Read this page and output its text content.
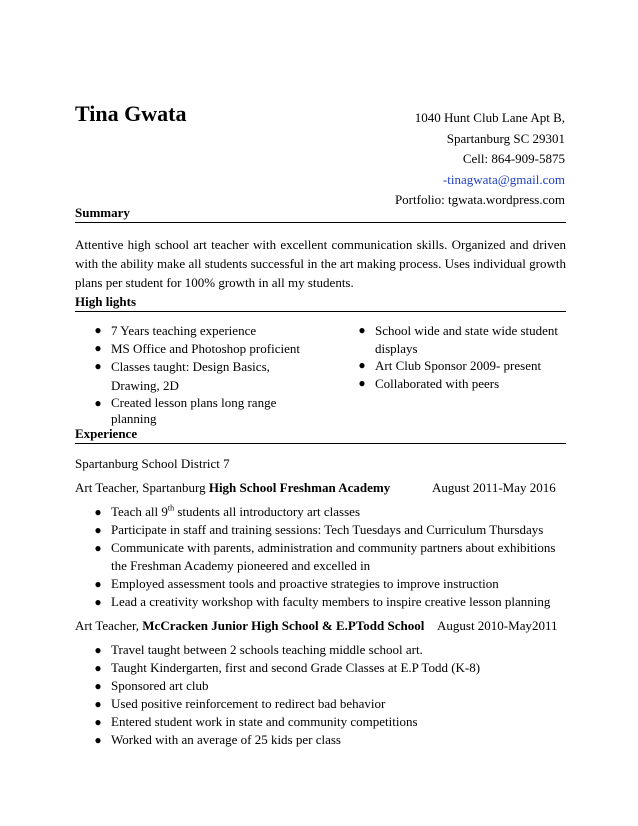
Tina Gwata	1040 Hunt Club Lane Apt B,
Spartanburg SC 29301
Cell: 864-909-5875
-tinagwata@gmail.com
Portfolio: tgwata.wordpress.com
Summary
Attentive high school art teacher with excellent communication skills. Organized and driven with the ability make all students successful in the art making process. Uses individual growth plans per student for 100% growth in all my students.
High lights
● 7 Years teaching experience
● MS Office and Photoshop proficient
● Classes taught: Design Basics, Drawing, 2D
● Created lesson plans long range planning
● School wide and state wide student displays
● Art Club Sponsor 2009- present
● Collaborated with peers
Experience
Spartanburg School District 7
Art Teacher, Spartanburg High School Freshman Academy	August 2011-May 2016
● Teach all 9th students all introductory art classes
● Participate in staff and training sessions: Tech Tuesdays and Curriculum Thursdays
● Communicate with parents, administration and community partners about exhibitions the Freshman Academy pioneered and excelled in
● Employed assessment tools and proactive strategies to improve instruction
● Lead a creativity workshop with faculty members to inspire creative lesson planning
Art Teacher, McCracken Junior High School & E.PTodd School August 2010-May2011
● Travel taught between 2 schools teaching middle school art.
● Taught Kindergarten, first and second Grade Classes at E.P Todd (K-8)
● Sponsored art club
● Used positive reinforcement to redirect bad behavior
● Entered student work in state and community competitions
● Worked with an average of 25 kids per class
